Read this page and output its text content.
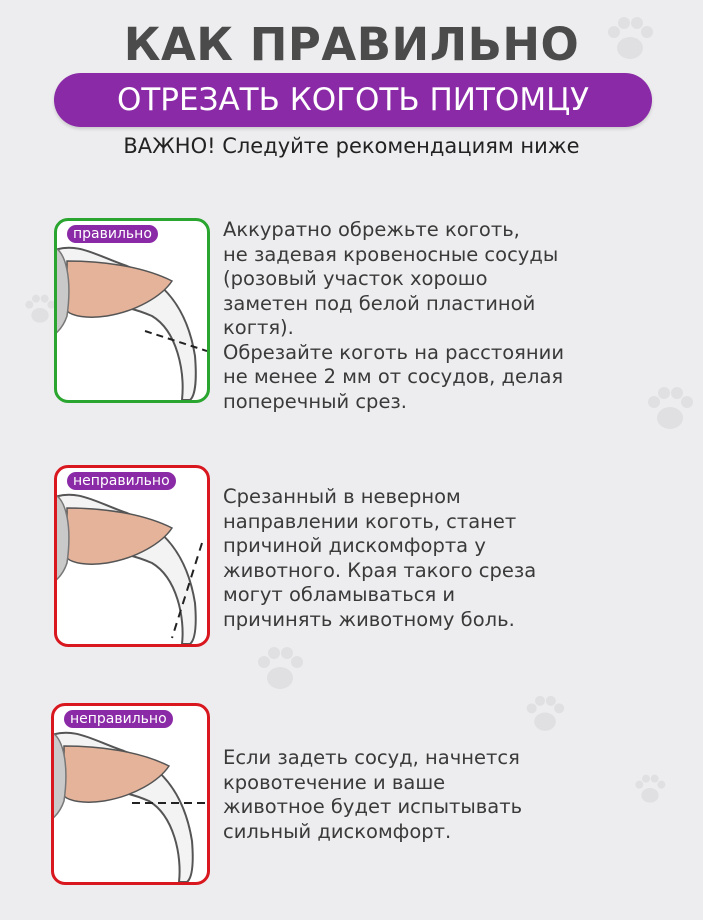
КАК ПРАВИЛЬНО
ОТРЕЗАТЬ КОГОТЬ ПИТОМЦУ
ВАЖНО! Следуйте рекомендациям ниже
правильно	Аккуратно обрежьте коготь,
не задевая кровеносные сосуды
(розовый участок хорошо
заметен под белой пластиной
когтя).
Обрезайте коготь на расстоянии
не менее 2 мм от сосудов, делая
поперечный срез.
неправильно
Срезанный в неверном
направлении коготь, станет
причиной дискомфорта у
животного. Края такого среза
могут обламываться и
причинять животному боль.
неправильно
Если задеть сосуд, начнется
кровотечение и ваше
животное будет испытывать
сильный дискомфорт.
